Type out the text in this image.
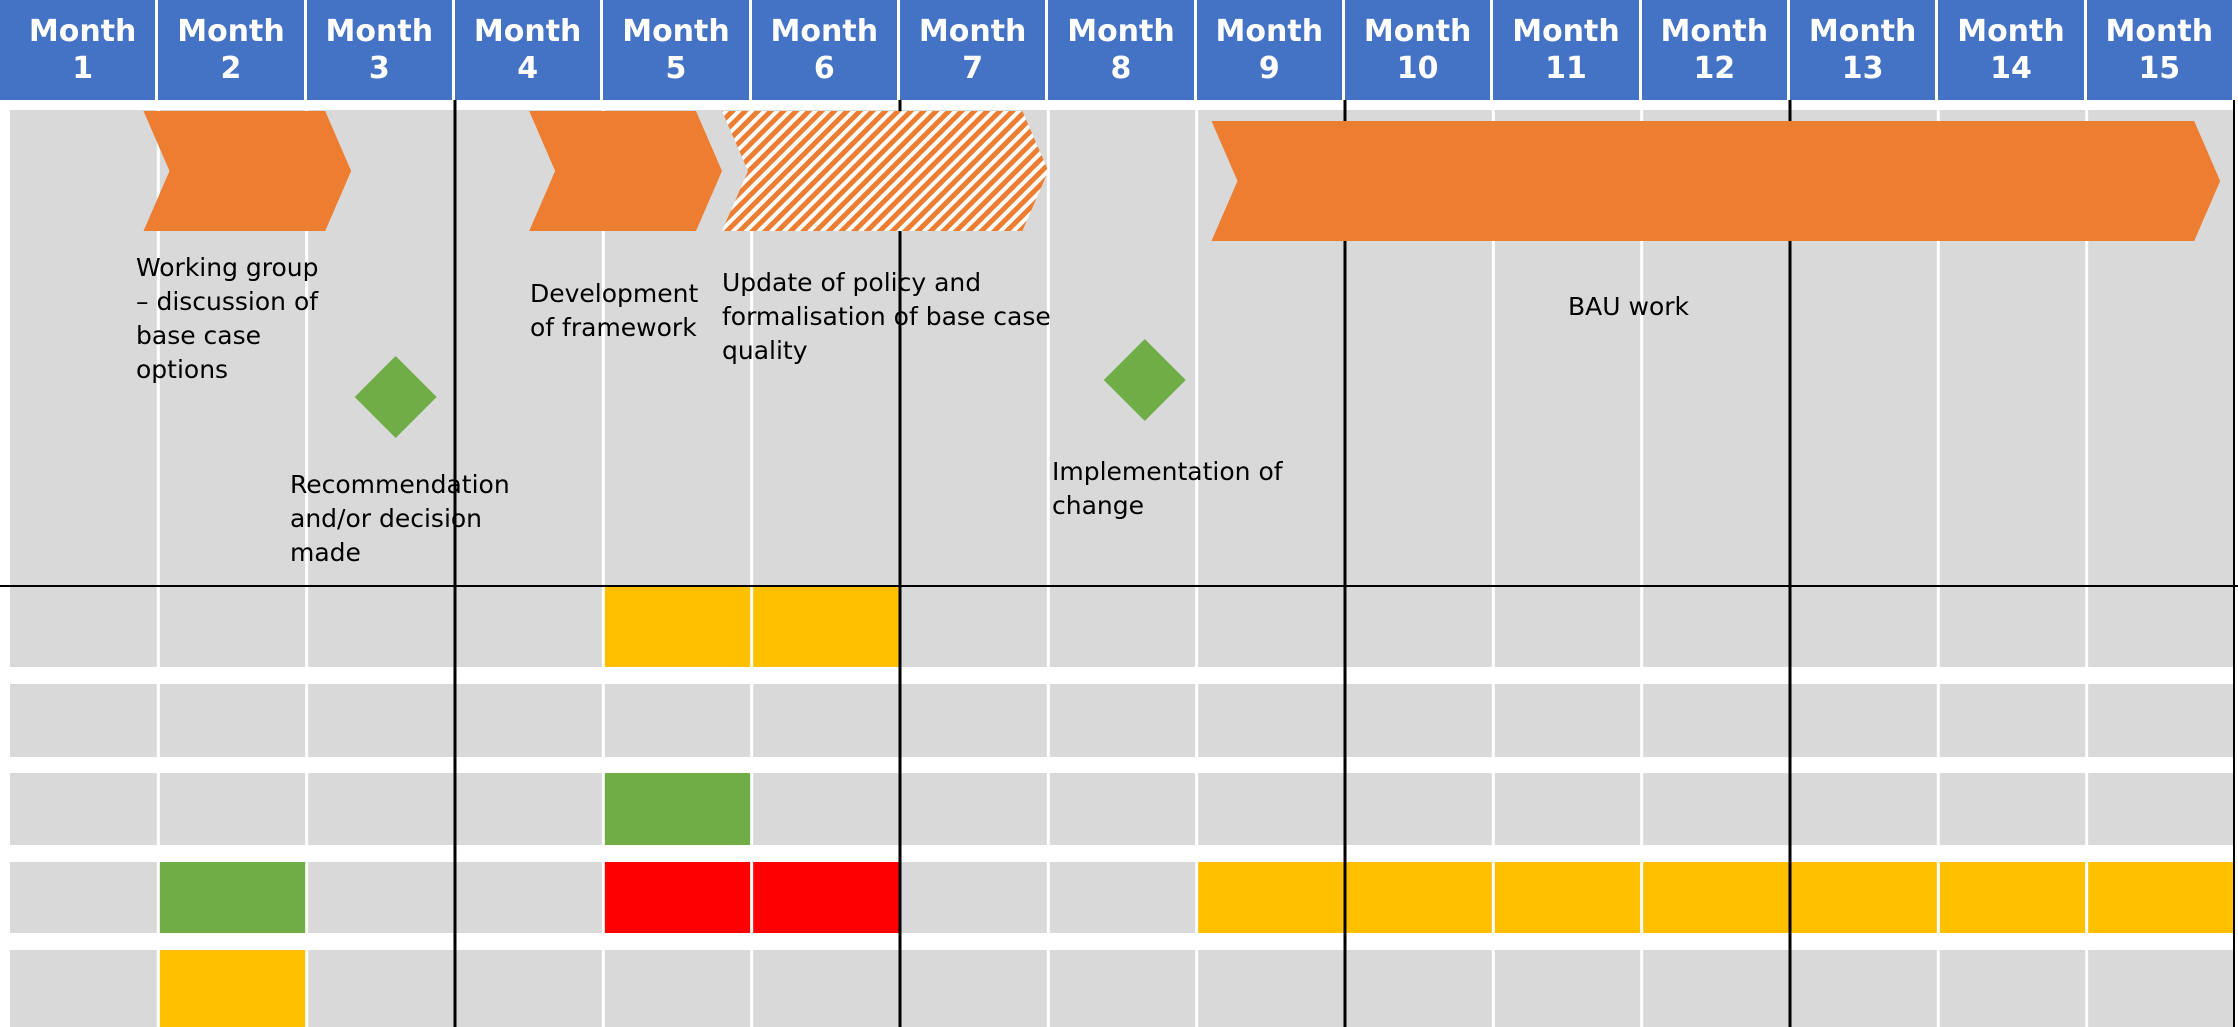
Month
1
Month
2
Month
3
Month
4
Month
5
Month
6
Month
7
Month
8
Month
9
Month
10
Month
11
Month
12
Month
13
Month
14
Month
15
Working group
– discussion of
base case
options
Development
of framework
Update of policy and
formalisation of base case
quality
BAU work
Recommendation
and/or decision
made
Implementation of
change
